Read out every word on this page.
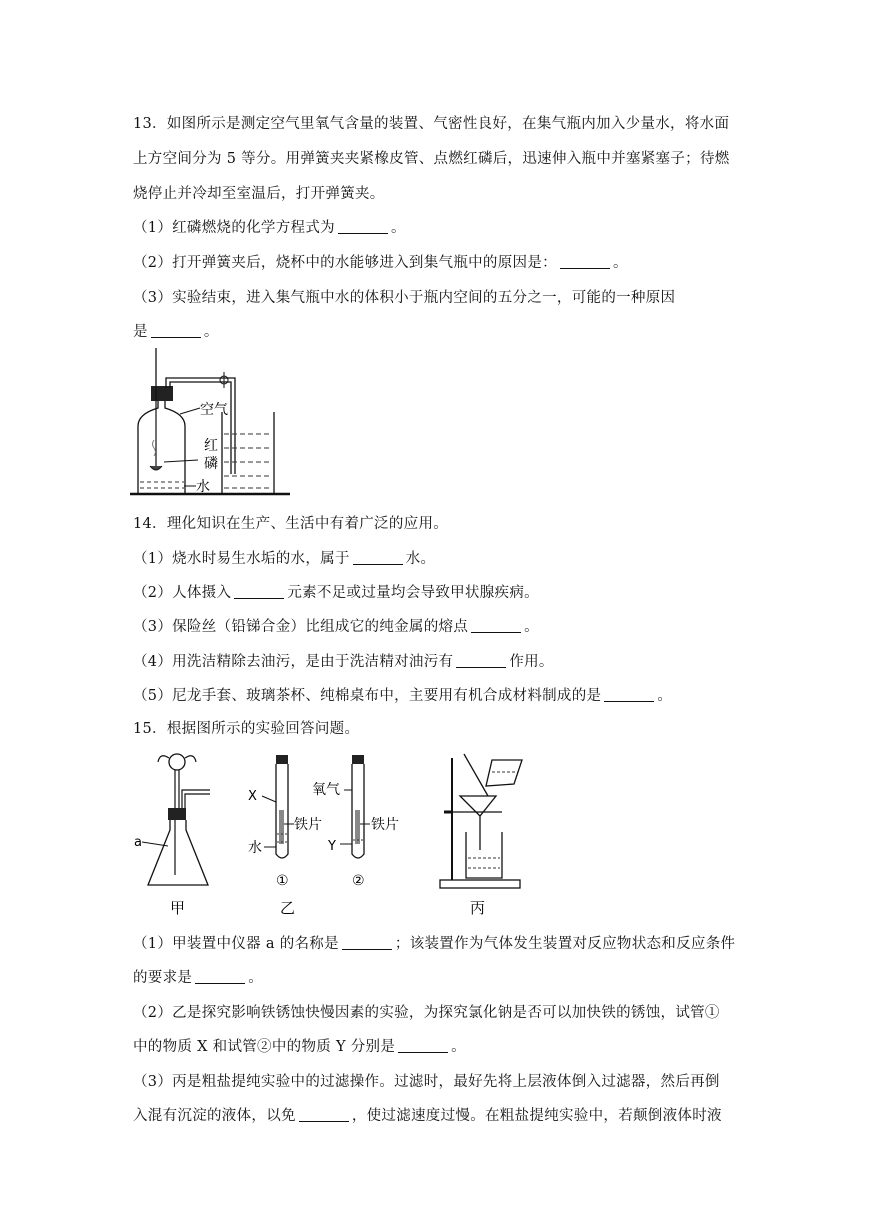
13．如图所示是测定空气里氧气含量的装置、气密性良好，在集气瓶内加入少量水，将水面
上方空间分为 5 等分。用弹簧夹夹紧橡皮管、点燃红磷后，迅速伸入瓶中并塞紧塞子；待燃
烧停止并冷却至室温后，打开弹簧夹。
（1）红磷燃烧的化学方程式为	。
（2）打开弹簧夹后，烧杯中的水能够进入到集气瓶中的原因是：	。
（3）实验结束，进入集气瓶中水的体积小于瓶内空间的五分之一，可能的一种原因
是	。
空气
红
磷
水
14．理化知识在生产、生活中有着广泛的应用。
（1）烧水时易生水垢的水，属于	水。
（2）人体摄入	元素不足或过量均会导致甲状腺疾病。
（3）保险丝（铅锑合金）比组成它的纯金属的熔点	。
（4）用洗洁精除去油污，是由于洗洁精对油污有	作用。
（5）尼龙手套、玻璃茶杯、纯棉桌布中，主要用有机合成材料制成的是	。
15．根据图所示的实验回答问题。
a
甲
X
铁片
水
①
氧气
铁片
Y
②
乙	丙
（1）甲装置中仪器 a 的名称是	；该装置作为气体发生装置对反应物状态和反应条件
的要求是	。
（2）乙是探究影响铁锈蚀快慢因素的实验，为探究氯化钠是否可以加快铁的锈蚀，试管①
中的物质 X 和试管②中的物质 Y 分别是	。
（3）丙是粗盐提纯实验中的过滤操作。过滤时，最好先将上层液体倒入过滤器，然后再倒
入混有沉淀的液体，以免	，使过滤速度过慢。在粗盐提纯实验中，若颠倒液体时液
